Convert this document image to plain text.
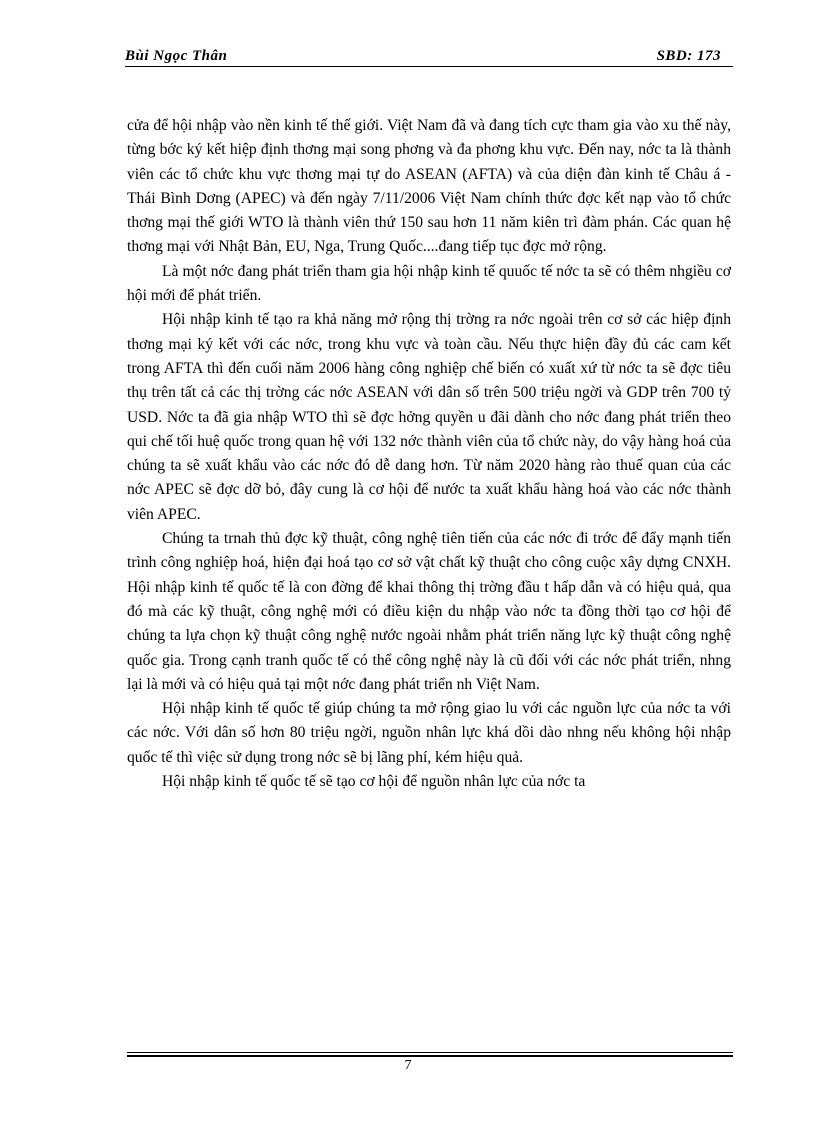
Bùi Ngọc Thân	SBD: 173

cửa để hội nhập vào nền kinh tế thế giới. Việt Nam đã và đang tích cực tham gia vào xu thế này, từng bớc ký kết hiệp định thơng mại song phơng và đa phơng khu vực. Đến nay, nớc ta là thành viên các tổ chức khu vực thơng mại tự do ASEAN (AFTA) và của diện đàn kinh tế Châu á - Thái Bình Dơng (APEC) và đến ngày 7/11/2006 Việt Nam chính thức đợc kết nạp vào tổ chức thơng mại thế giới WTO là thành viên thứ 150 sau hơn 11 năm kiên trì đàm phán. Các quan hệ thơng mại với Nhật Bản, EU, Nga, Trung Quốc....đang tiếp tục đợc mở rộng.

Là một nớc đang phát triển tham gia hội nhập kinh tế quuốc tế nớc ta sẽ có thêm nhgiều cơ hội mới để phát triển.

Hội nhập kinh tế tạo ra khả năng mở rộng thị trờng ra nớc ngoài trên cơ sở các hiệp định thơng mại ký kết với các nớc, trong khu vực và toàn cầu. Nếu thực hiện đầy đủ các cam kết trong AFTA thì đến cuối năm 2006 hàng công nghiệp chế biến có xuất xứ từ nớc ta sẽ đợc tiêu thụ trên tất cả các thị trờng các nớc ASEAN với dân số trên 500 triệu ngời và GDP trên 700 tỷ USD. Nớc ta đã gia nhập WTO thì sẽ đợc hởng quyền u đãi dành cho nớc đang phát triển theo qui chế tối huệ quốc trong quan hệ với 132 nớc thành viên của tổ chức này, do vậy hàng hoá của chúng ta sẽ xuất khẩu vào các nớc đó dễ dang hơn. Từ năm 2020 hàng rào thuế quan của các nớc APEC sẽ đợc dỡ bỏ, đây cung là cơ hội để nước ta xuất khẩu hàng hoá vào các nớc thành viên APEC.

Chúng ta trnah thủ đợc kỹ thuật, công nghệ tiên tiến của các nớc đi trớc để đẩy mạnh tiến trình công nghiệp hoá, hiện đại hoá tạo cơ sở vật chất kỹ thuật cho công cuộc xây dựng CNXH. Hội nhập kinh tế quốc tế là con đờng để khai thông thị trờng đầu t hấp dẫn và có hiệu quả, qua đó mà các kỹ thuật, công nghệ mới có điều kiện du nhập vào nớc ta đồng thời tạo cơ hội để chúng ta lựa chọn kỹ thuật công nghệ nước ngoài nhằm phát triển năng lực kỹ thuật công nghệ quốc gia. Trong cạnh tranh quốc tế có thể công nghệ này là cũ đối với các nớc phát triển, nhng lại là mới và có hiệu quả tại một nớc đang phát triển nh Việt Nam.

Hội nhập kinh tế quốc tế giúp chúng ta mở rộng giao lu với các nguồn lực của nớc ta với các nớc. Với dân số hơn 80 triệu ngời, nguồn nhân lực khá dồi dào nhng nếu không hội nhập quốc tế thì việc sử dụng trong nớc sẽ bị lãng phí, kém hiệu quả.

Hội nhập kinh tế quốc tế sẽ tạo cơ hội để nguồn nhân lực của nớc ta

7
